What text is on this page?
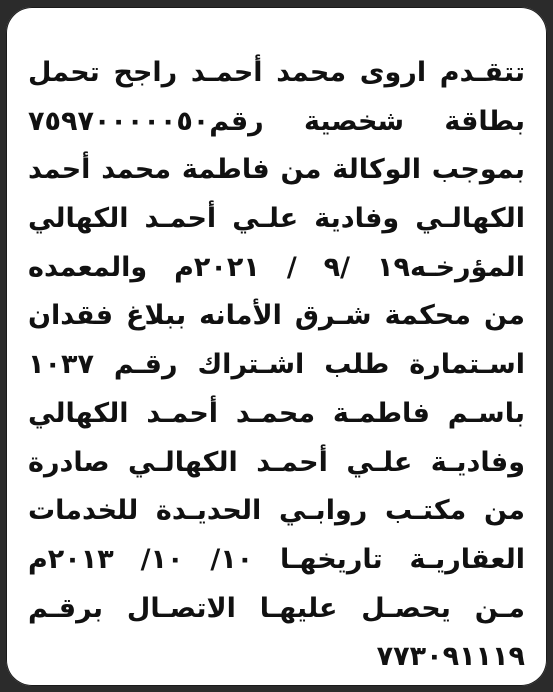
تتقـدم اروى محمد أحمـد راجح تحمل
بطاقة شخصية رقم٧٥٩٧٠٠٠٠٠٥٠
بموجب الوكالة من فاطمة محمد أحمد
الكهالـي وفادية علـي أحمـد الكهالي
المؤرخـه١٩ /٩ / ٢٠٢١م والمعمده
من محكمة شـرق الأمانه ببلاغ فقدان
اسـتمارة طلب اشـتراك رقـم ١٠٣٧
باسـم فاطمـة محمـد أحمـد الكهالي
وفاديـة علـي أحمـد الكهالـي صادرة
من مكتـب روابـي الحديـدة للخدمات
العقاريـة تاريخهـا ١٠/ ١٠/ ٢٠١٣م
مـن يحصـل عليهـا الاتصـال برقـم
٧٧٣٠٩١١١٩
